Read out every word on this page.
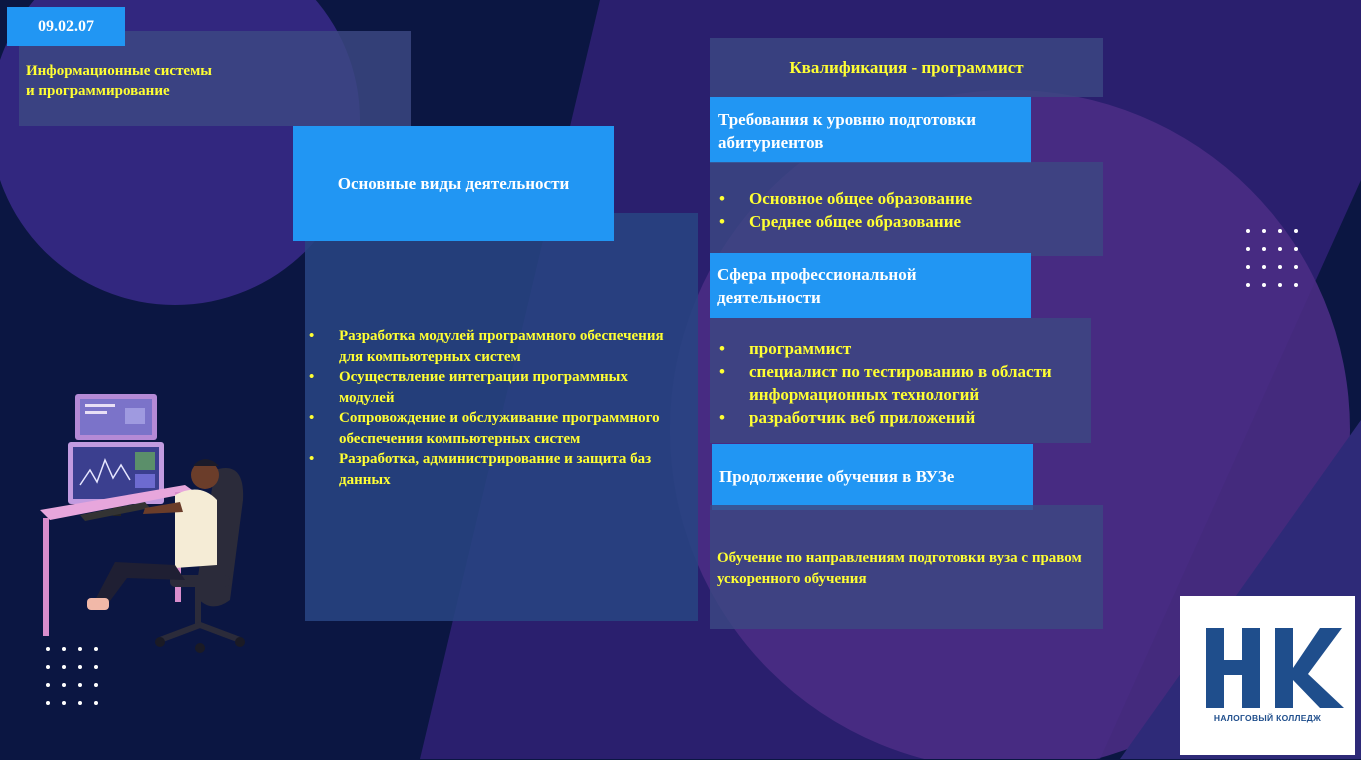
Информационные системы
и программирование
09.02.07
• Разработка модулей программного обеспечения для компьютерных систем
• Осуществление интеграции программных модулей
• Сопровождение и обслуживание программного обеспечения компьютерных систем
• Разработка, администрирование и защита баз данных
Основные виды деятельности
Квалификация - программист
Требования к уровню подготовки абитуриентов
• Основное общее образование
• Среднее общее образование
Сфера профессиональной деятельности
• программист
• специалист по тестированию в области информационных технологий
• разработчик веб приложений
Продолжение обучения в ВУЗе
Обучение по направлениям подготовки вуза с правом ускоренного обучения
НАЛОГОВЫЙ КОЛЛЕДЖ
